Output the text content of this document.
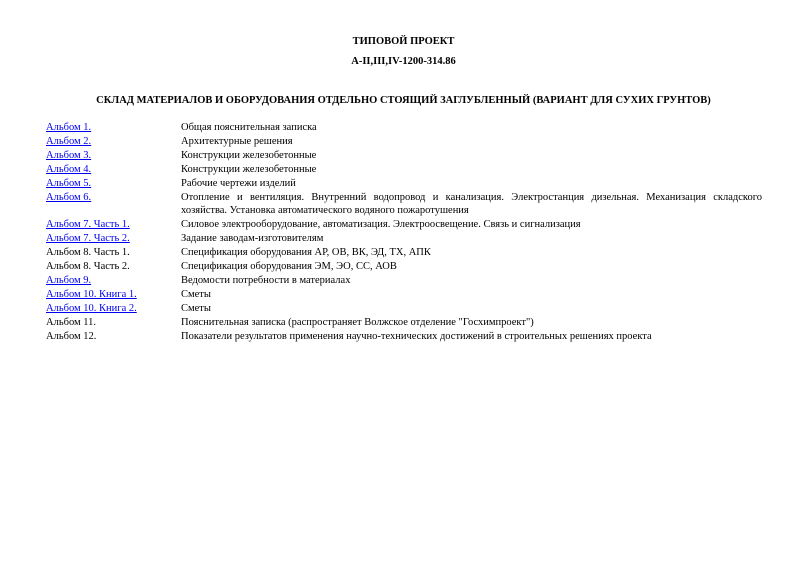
ТИПОВОЙ ПРОЕКТ
А-II,III,IV-1200-314.86
СКЛАД МАТЕРИАЛОВ И ОБОРУДОВАНИЯ ОТДЕЛЬНО СТОЯЩИЙ ЗАГЛУБЛЕННЫЙ (ВАРИАНТ ДЛЯ СУХИХ ГРУНТОВ)
Альбом 1.	Общая пояснительная записка
Альбом 2.	Архитектурные решения
Альбом 3.	Конструкции железобетонные
Альбом 4.	Конструкции железобетонные
Альбом 5.	Рабочие чертежи изделий
Альбом 6.	Отопление и вентиляция. Внутренний водопровод и канализация. Электростанция дизельная. Механизация складского хозяйства. Установка автоматического водяного пожаротушения
Альбом 7. Часть 1.	Силовое электрооборудование, автоматизация. Электроосвещение. Связь и сигнализация
Альбом 7. Часть 2.	Задание заводам-изготовителям
Альбом 8. Часть 1.	Спецификация оборудования АР, ОВ, ВК, ЭД, ТХ, АПК
Альбом 8. Часть 2.	Спецификация оборудования ЭМ, ЭО, СС, АОВ
Альбом 9.	Ведомости потребности в материалах
Альбом 10. Книга 1.	Сметы
Альбом 10. Книга 2.	Сметы
Альбом 11.	Пояснительная записка (распространяет Волжское отделение "Госхимпроект")
Альбом 12.	Показатели результатов применения научно-технических достижений в строительных решениях проекта
